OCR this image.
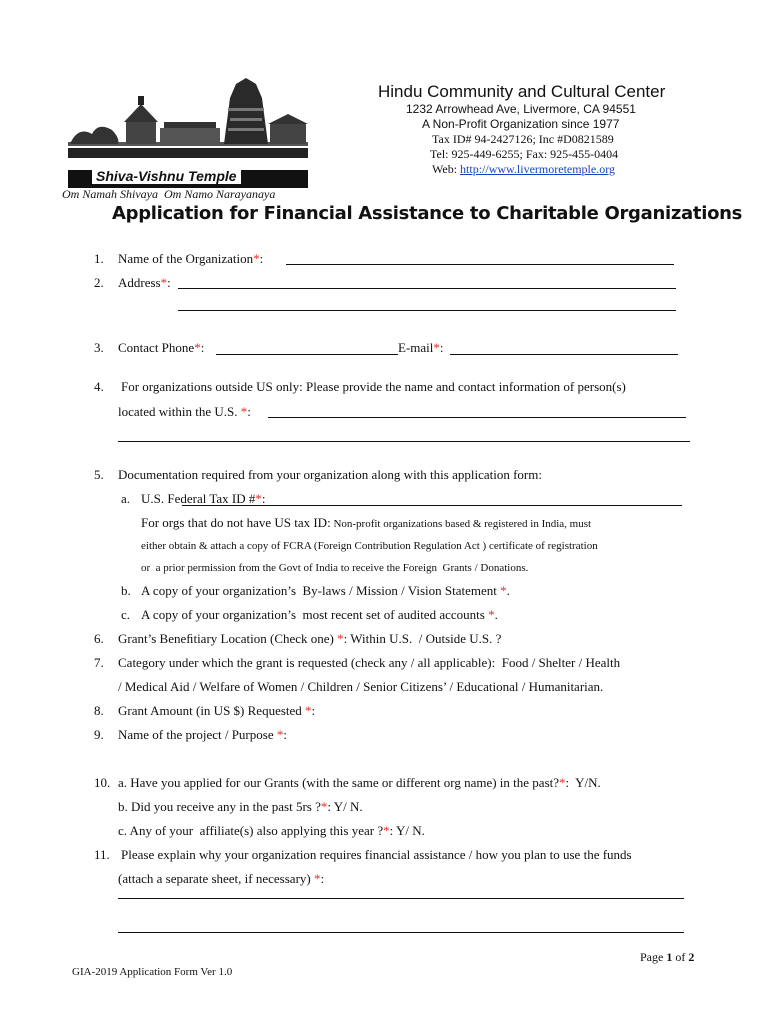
Shiva-Vishnu Temple
Om Namah Shivaya  Om Namo Narayanaya
Hindu Community and Cultural Center
1232 Arrowhead Ave, Livermore, CA 94551
A Non-Profit Organization since 1977
Tax ID# 94-2427126; Inc #D0821589
Tel: 925-449-6255; Fax: 925-455-0404
Web: http://www.livermoretemple.org
Application for Financial Assistance to Charitable Organizations
1. Name of the Organization*:
2. Address*:
3. Contact Phone*:	E-mail*:
4. For organizations outside US only: Please provide the name and contact information of person(s)
located within the U.S. *:
5. Documentation required from your organization along with this application form:
a. U.S. Federal Tax ID #*:
For orgs that do not have US tax ID: Non-profit organizations based & registered in India, must
either obtain & attach a copy of FCRA (Foreign Contribution Regulation Act ) certificate of registration
or  a prior permission from the Govt of India to receive the Foreign  Grants / Donations.
b. A copy of your organization’s  By-laws / Mission / Vision Statement *.
c. A copy of your organization’s  most recent set of audited accounts *.
6. Grant’s Beneﬁtiary Location (Check one) *: Within U.S.  / Outside U.S. ?
7. Category under which the grant is requested (check any / all applicable):  Food / Shelter / Health
/ Medical Aid / Welfare of Women / Children / Senior Citizens’ / Educational / Humanitarian.
8. Grant Amount (in US $) Requested *:
9. Name of the project / Purpose *:
10. a. Have you applied for our Grants (with the same or different org name) in the past?*:  Y/N.
b. Did you receive any in the past 5rs ?*: Y/ N.
c. Any of your  affiliate(s) also applying this year ?*: Y/ N.
11. Please explain why your organization requires financial assistance / how you plan to use the funds
(attach a separate sheet, if necessary) *:
Page 1 of 2
GIA-2019 Application Form Ver 1.0
